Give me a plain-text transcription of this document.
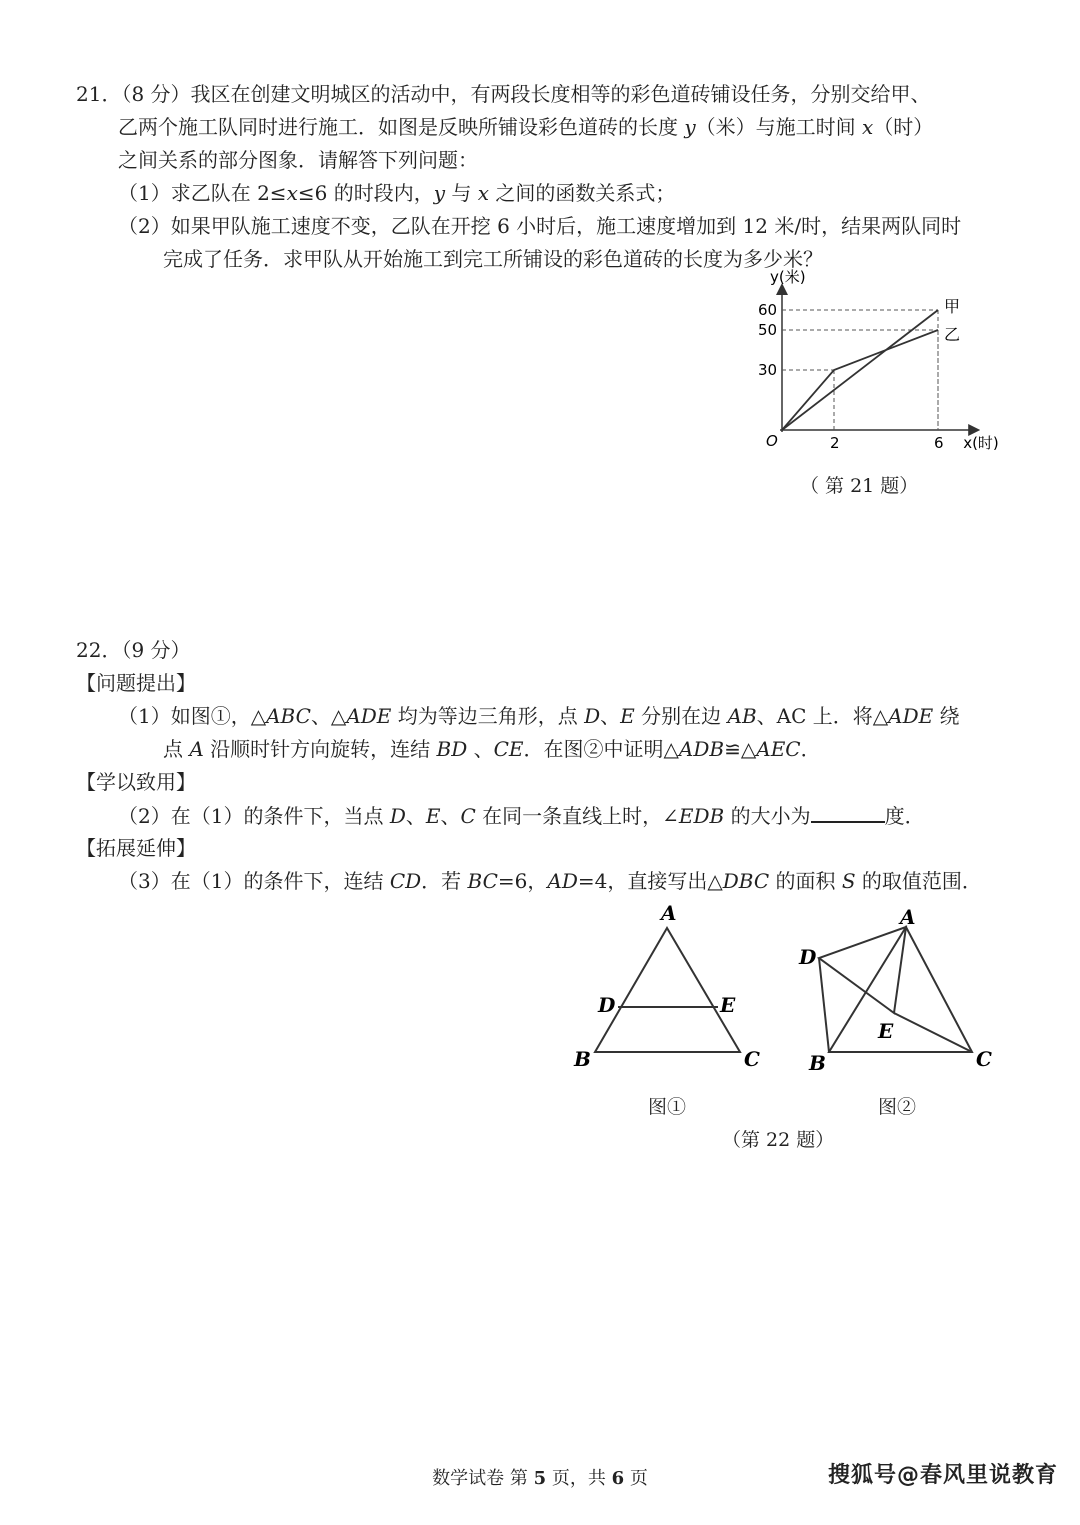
21．（8 分）我区在创建文明城区的活动中，有两段长度相等的彩色道砖铺设任务，分别交给甲、
乙两个施工队同时进行施工．如图是反映所铺设彩色道砖的长度 y（米）与施工时间 x（时）
之间关系的部分图象．请解答下列问题：
（1）求乙队在 2≤x≤6 的时段内，y 与 x 之间的函数关系式；
（2）如果甲队施工速度不变，乙队在开挖 6 小时后，施工速度增加到 12 米/时，结果两队同时
完成了任务．求甲队从开始施工到完工所铺设的彩色道砖的长度为多少米？
甲
乙
2	6
30
50
60
O	x(时)
y(米)
（ 第 21 题）
22．（9 分）
【问题提出】
（1）如图①，△ABC、△ADE 均为等边三角形，点 D、E 分别在边 AB、AC 上．将△ADE 绕
点 A 沿顺时针方向旋转，连结 BD 、CE．在图②中证明△ADB≌△AEC．
【学以致用】
（2）在（1）的条件下，当点 D、E、C 在同一条直线上时，∠EDB 的大小为	度．
【拓展延伸】
（3）在（1）的条件下，连结 CD．若 BC=6，AD=4，直接写出△DBC 的面积 S 的取值范围．
A
D	E
B	C
图①
A
D
E
B	C
图②
（第 22 题）
数学试卷 第 5 页，共 6 页	搜狐号@春风里说教育
